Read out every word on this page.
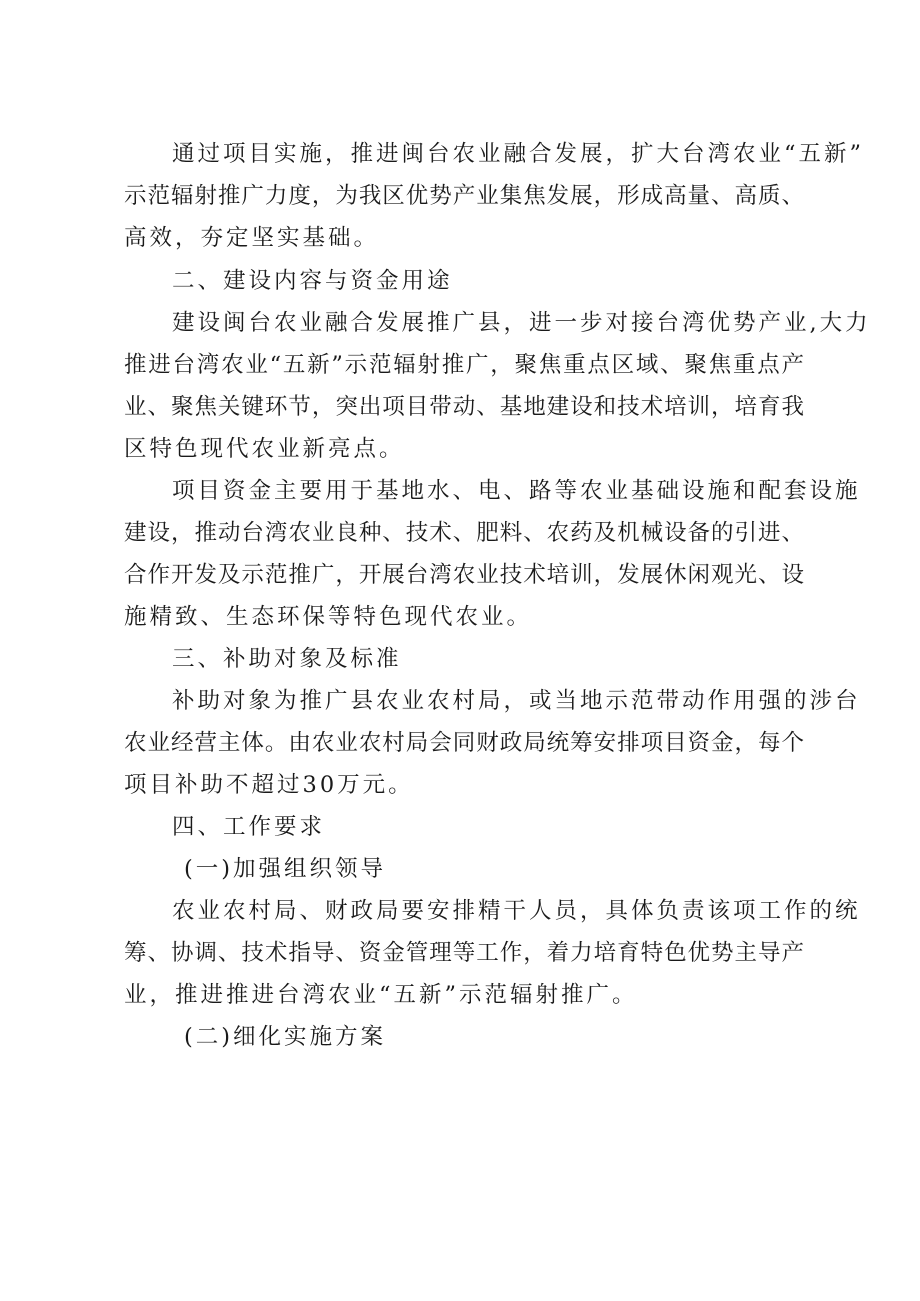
通过项目实施，推进闽台农业融合发展，扩大台湾农业“五新”
示范辐射推广力度，为我区优势产业集焦发展，形成高量、高质、
高效，夯定坚实基础。
二、建设内容与资金用途
建设闽台农业融合发展推广县，进一步对接台湾优势产业,大力
推进台湾农业“五新”示范辐射推广，聚焦重点区域、聚焦重点产
业、聚焦关键环节，突出项目带动、基地建设和技术培训，培育我
区特色现代农业新亮点。
项目资金主要用于基地水、电、路等农业基础设施和配套设施
建设，推动台湾农业良种、技术、肥料、农药及机械设备的引进、
合作开发及示范推广，开展台湾农业技术培训，发展休闲观光、设
施精致、生态环保等特色现代农业。
三、补助对象及标准
补助对象为推广县农业农村局，或当地示范带动作用强的涉台
农业经营主体。由农业农村局会同财政局统筹安排项目资金，每个
项目补助不超过30万元。
四、工作要求
(一)加强组织领导
农业农村局、财政局要安排精干人员，具体负责该项工作的统
筹、协调、技术指导、资金管理等工作，着力培育特色优势主导产
业，推进推进台湾农业“五新”示范辐射推广。
(二)细化实施方案
